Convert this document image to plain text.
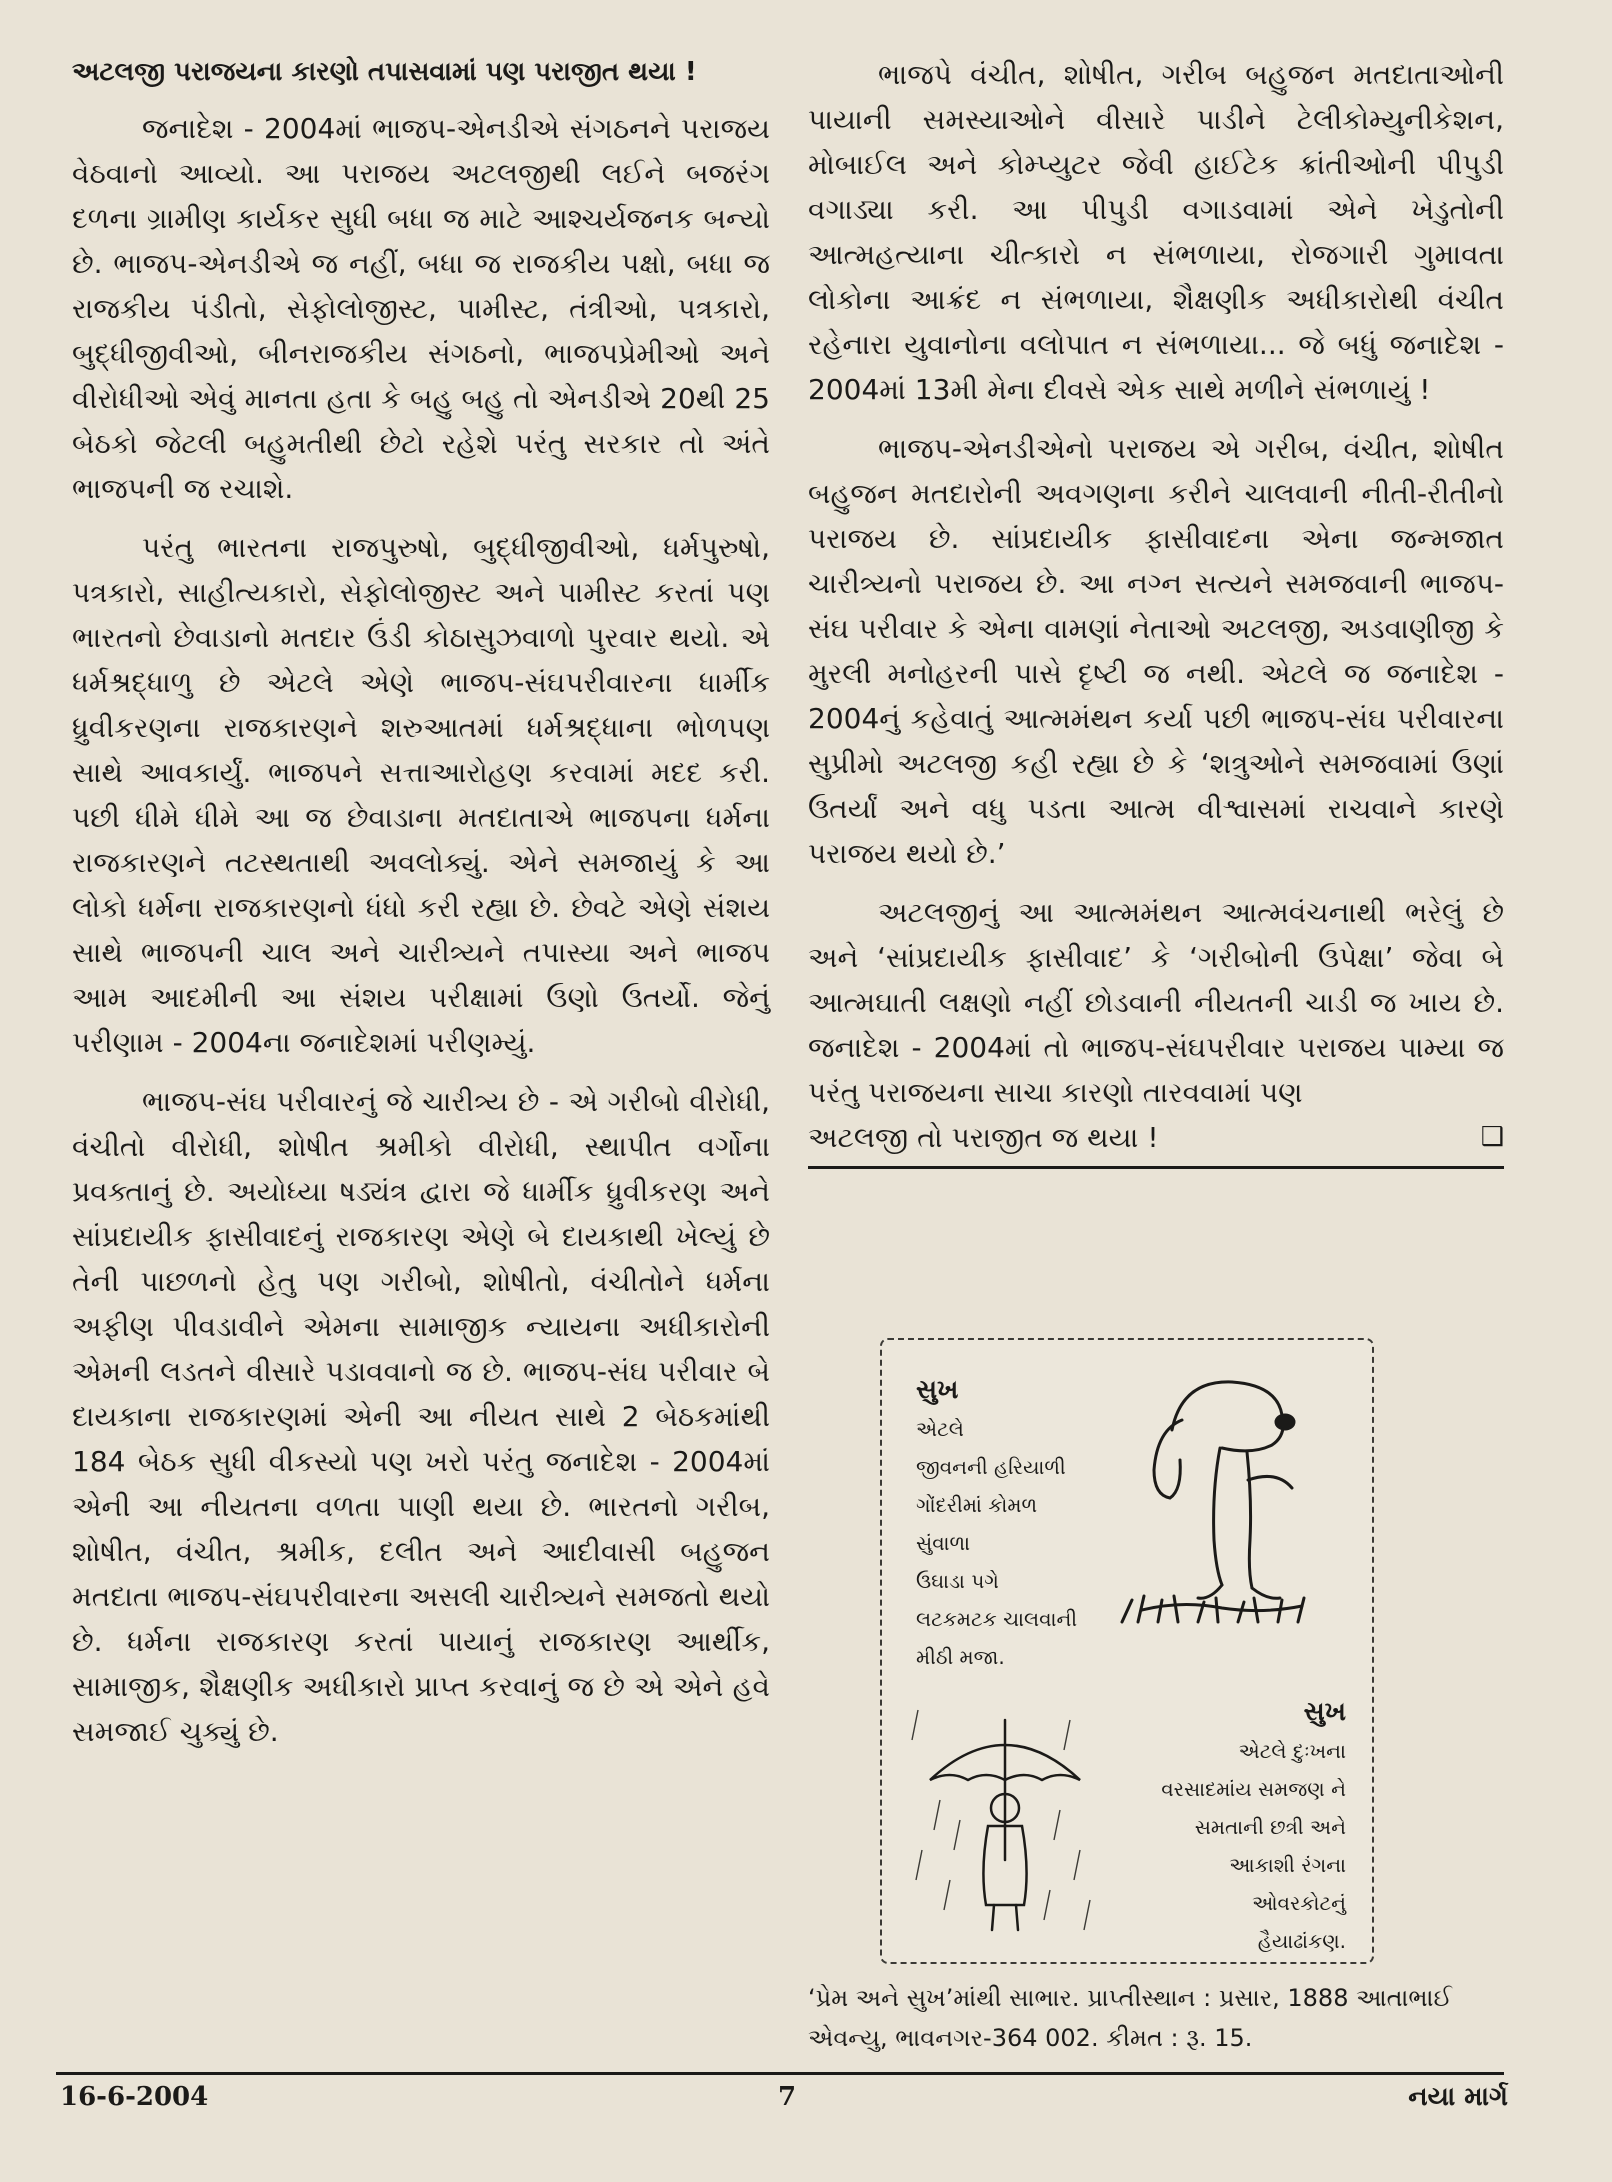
અટલજી પરાજયના કારણો તપાસવામાં પણ પરાજીત થયા !

જનાદેશ - 2004માં ભાજપ-એનડીએ સંગઠનને પરાજય વેઠવાનો આવ્યો. આ પરાજય અટલજીથી લઈને બજરંગ દળના ગ્રામીણ કાર્યકર સુધી બધા જ માટે આશ્ચર્યજનક બન્યો છે. ભાજપ-એનડીએ જ નહીં, બધા જ રાજકીય પક્ષો, બધા જ રાજકીય પંડીતો, સેફોલોજીસ્ટ, પામીસ્ટ, તંત્રીઓ, પત્રકારો, બુદ્ધીજીવીઓ, બીનરાજકીય સંગઠનો, ભાજપપ્રેમીઓ અને વીરોધીઓ એવું માનતા હતા કે બહુ બહુ તો એનડીએ 20થી 25 બેઠકો જેટલી બહુમતીથી છેટો રહેશે પરંતુ સરકાર તો અંતે ભાજપની જ રચાશે.

પરંતુ ભારતના રાજપુરુષો, બુદ્ધીજીવીઓ, ધર્મપુરુષો, પત્રકારો, સાહીત્યકારો, સેફોલોજીસ્ટ અને પામીસ્ટ કરતાં પણ ભારતનો છેવાડાનો મતદાર ઉંડી કોઠાસુઝવાળો પુરવાર થયો. એ ધર્મશ્રદ્ધાળુ છે એટલે એણે ભાજપ-સંઘપરીવારના ધાર્મીક ધ્રુવીકરણના રાજકારણને શરુઆતમાં ધર્મશ્રદ્ધાના ભોળપણ સાથે આવકાર્યું. ભાજપને સત્તાઆરોહણ કરવામાં મદદ કરી. પછી ધીમે ધીમે આ જ છેવાડાના મતદાતાએ ભાજપના ધર્મના રાજકારણને તટસ્થતાથી અવલોક્યું. એને સમજાયું કે આ લોકો ધર્મના રાજકારણનો ધંધો કરી રહ્યા છે. છેવટે એણે સંશય સાથે ભાજપની ચાલ અને ચારીત્ર્યને તપાસ્યા અને ભાજપ આમ આદમીની આ સંશય પરીક્ષામાં ઉણો ઉતર્યો. જેનું પરીણામ - 2004ના જનાદેશમાં પરીણમ્યું.

ભાજપ-સંઘ પરીવારનું જે ચારીત્ર્ય છે - એ ગરીબો વીરોધી, વંચીતો વીરોધી, શોષીત શ્રમીકો વીરોધી, સ્થાપીત વર્ગોના પ્રવક્તાનું છે. અયોધ્યા ષડ્યંત્ર દ્વારા જે ધાર્મીક ધ્રુવીકરણ અને સાંપ્રદાયીક ફાસીવાદનું રાજકારણ એણે બે દાયકાથી ખેલ્યું છે તેની પાછળનો હેતુ પણ ગરીબો, શોષીતો, વંચીતોને ધર્મના અફીણ પીવડાવીને એમના સામાજીક ન્યાયના અધીકારોની એમની લડતને વીસારે પડાવવાનો જ છે. ભાજપ-સંઘ પરીવાર બે દાયકાના રાજકારણમાં એની આ નીયત સાથે 2 બેઠકમાંથી 184 બેઠક સુધી વીકસ્યો પણ ખરો પરંતુ જનાદેશ - 2004માં એની આ નીયતના વળતા પાણી થયા છે. ભારતનો ગરીબ, શોષીત, વંચીત, શ્રમીક, દલીત અને આદીવાસી બહુજન મતદાતા ભાજપ-સંઘપરીવારના અસલી ચારીત્ર્યને સમજતો થયો છે. ધર્મના રાજકારણ કરતાં પાયાનું રાજકારણ આર્થીક, સામાજીક, શૈક્ષણીક અધીકારો પ્રાપ્ત કરવાનું જ છે એ એને હવે સમજાઈ ચુક્યું છે.

ભાજપે વંચીત, શોષીત, ગરીબ બહુજન મતદાતાઓની પાયાની સમસ્યાઓને વીસારે પાડીને ટેલીકોમ્યુનીકેશન, મોબાઈલ અને કોમ્પ્યુટર જેવી હાઈટેક ક્રાંતીઓની પીપુડી વગાડ્યા કરી. આ પીપુડી વગાડવામાં એને ખેડુતોની આત્મહત્યાના ચીત્કારો ન સંભળાયા, રોજગારી ગુમાવતા લોકોના આક્રંદ ન સંભળાયા, શૈક્ષણીક અધીકારોથી વંચીત રહેનારા યુવાનોના વલોપાત ન સંભળાયા... જે બધું જનાદેશ - 2004માં 13મી મેના દીવસે એક સાથે મળીને સંભળાયું !

ભાજપ-એનડીએનો પરાજય એ ગરીબ, વંચીત, શોષીત બહુજન મતદારોની અવગણના કરીને ચાલવાની નીતી-રીતીનો પરાજય છે. સાંપ્રદાયીક ફાસીવાદના એના જન્મજાત ચારીત્ર્યનો પરાજય છે. આ નગ્ન સત્યને સમજવાની ભાજપ-સંઘ પરીવાર કે એના વામણાં નેતાઓ અટલજી, અડવાણીજી કે મુરલી મનોહરની પાસે દૃષ્ટી જ નથી. એટલે જ જનાદેશ - 2004નું કહેવાતું આત્મમંથન કર્યા પછી ભાજપ-સંઘ પરીવારના સુપ્રીમો અટલજી કહી રહ્યા છે કે ‘શત્રુઓને સમજવામાં ઉણાં ઉતર્યાં અને વધુ પડતા આત્મ વીશ્વાસમાં રાચવાને કારણે પરાજય થયો છે.’

અટલજીનું આ આત્મમંથન આત્મવંચનાથી ભરેલું છે અને ‘સાંપ્રદાયીક ફાસીવાદ’ કે ‘ગરીબોની ઉપેક્ષા’ જેવા બે આત્મઘાતી લક્ષણો નહીં છોડવાની નીયતની ચાડી જ ખાય છે. જનાદેશ - 2004માં તો ભાજપ-સંઘપરીવાર પરાજય પામ્યા જ પરંતુ પરાજયના સાચા કારણો તારવવામાં પણ

અટલજી તો પરાજીત જ થયા !	❑
સુખ
એટલે
જીવનની હરિયાળી
ગોંદરીમાં કોમળ
સુંવાળા
ઉઘાડા પગે
લટકમટક ચાલવાની
મીઠી મજા.
સુખ
એટલે દુઃખના
વરસાદમાંય સમજણ ને
સમતાની છત્રી અને
આકાશી રંગના
ઓવરકોટનું
હૈયાઢાંકણ.
‘પ્રેમ અને સુખ’માંથી સાભાર. પ્રાપ્તીસ્થાન : પ્રસાર, 1888 આતાભાઈ એવન્યુ, ભાવનગર-364 002. કીમત : રૂ. 15.
16-6-2004	7	નયા માર્ગ
